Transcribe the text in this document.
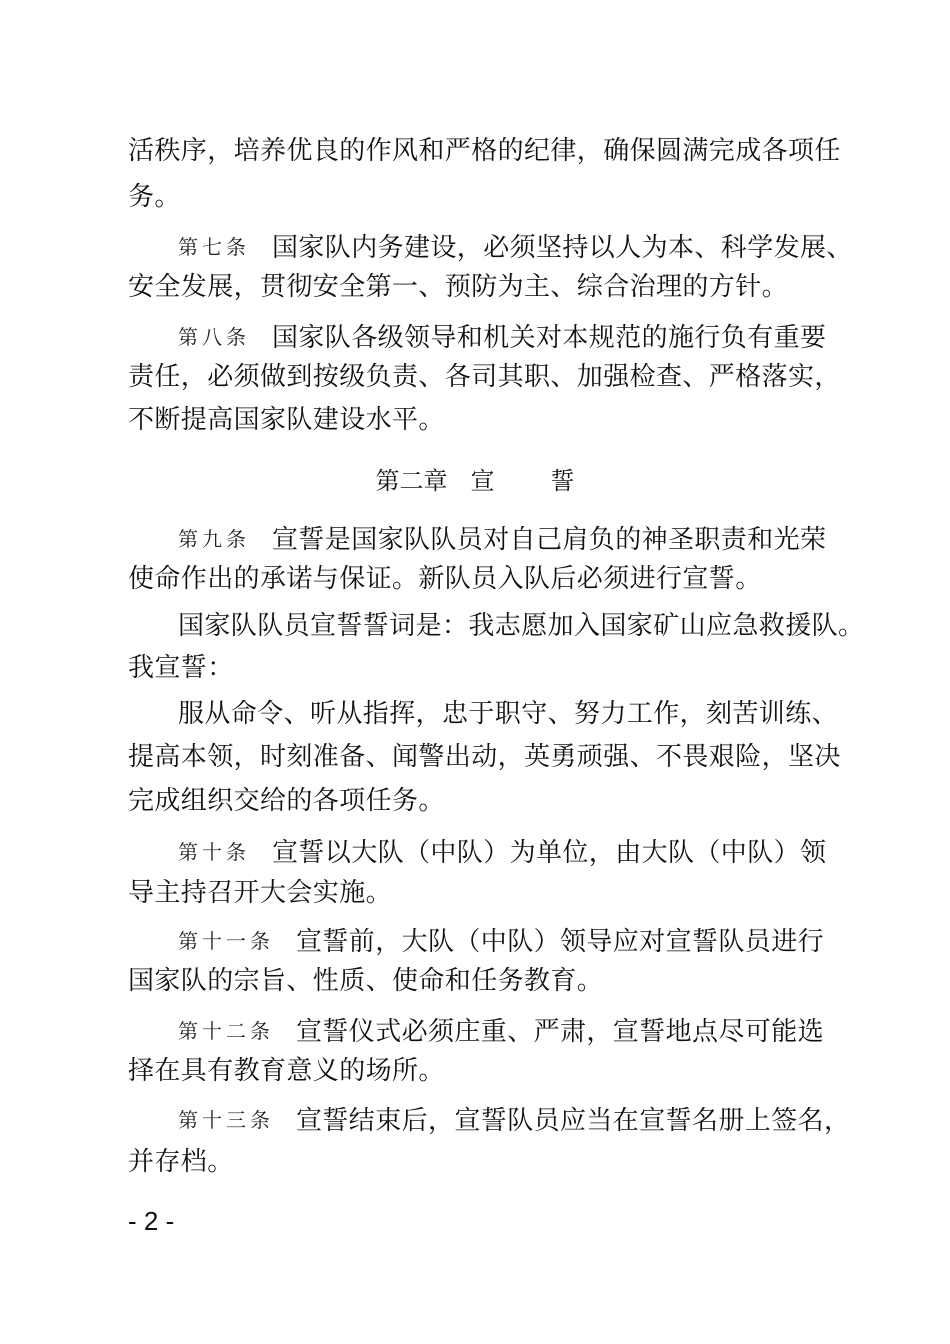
活秩序，培养优良的作风和严格的纪律，确保圆满完成各项任
务。
第七条 国家队内务建设，必须坚持以人为本、科学发展、
安全发展，贯彻安全第一、预防为主、综合治理的方针。
第八条 国家队各级领导和机关对本规范的施行负有重要
责任，必须做到按级负责、各司其职、加强检查、严格落实，
不断提高国家队建设水平。
第二章 宣 誓
第九条 宣誓是国家队队员对自己肩负的神圣职责和光荣
使命作出的承诺与保证。新队员入队后必须进行宣誓。
国家队队员宣誓誓词是：我志愿加入国家矿山应急救援队。
我宣誓：
服从命令、听从指挥，忠于职守、努力工作，刻苦训练、
提高本领，时刻准备、闻警出动，英勇顽强、不畏艰险，坚决
完成组织交给的各项任务。
第十条 宣誓以大队（中队）为单位，由大队（中队）领
导主持召开大会实施。
第十一条 宣誓前，大队（中队）领导应对宣誓队员进行
国家队的宗旨、性质、使命和任务教育。
第十二条 宣誓仪式必须庄重、严肃，宣誓地点尽可能选
择在具有教育意义的场所。
第十三条 宣誓结束后，宣誓队员应当在宣誓名册上签名，
并存档。
- 2 -
